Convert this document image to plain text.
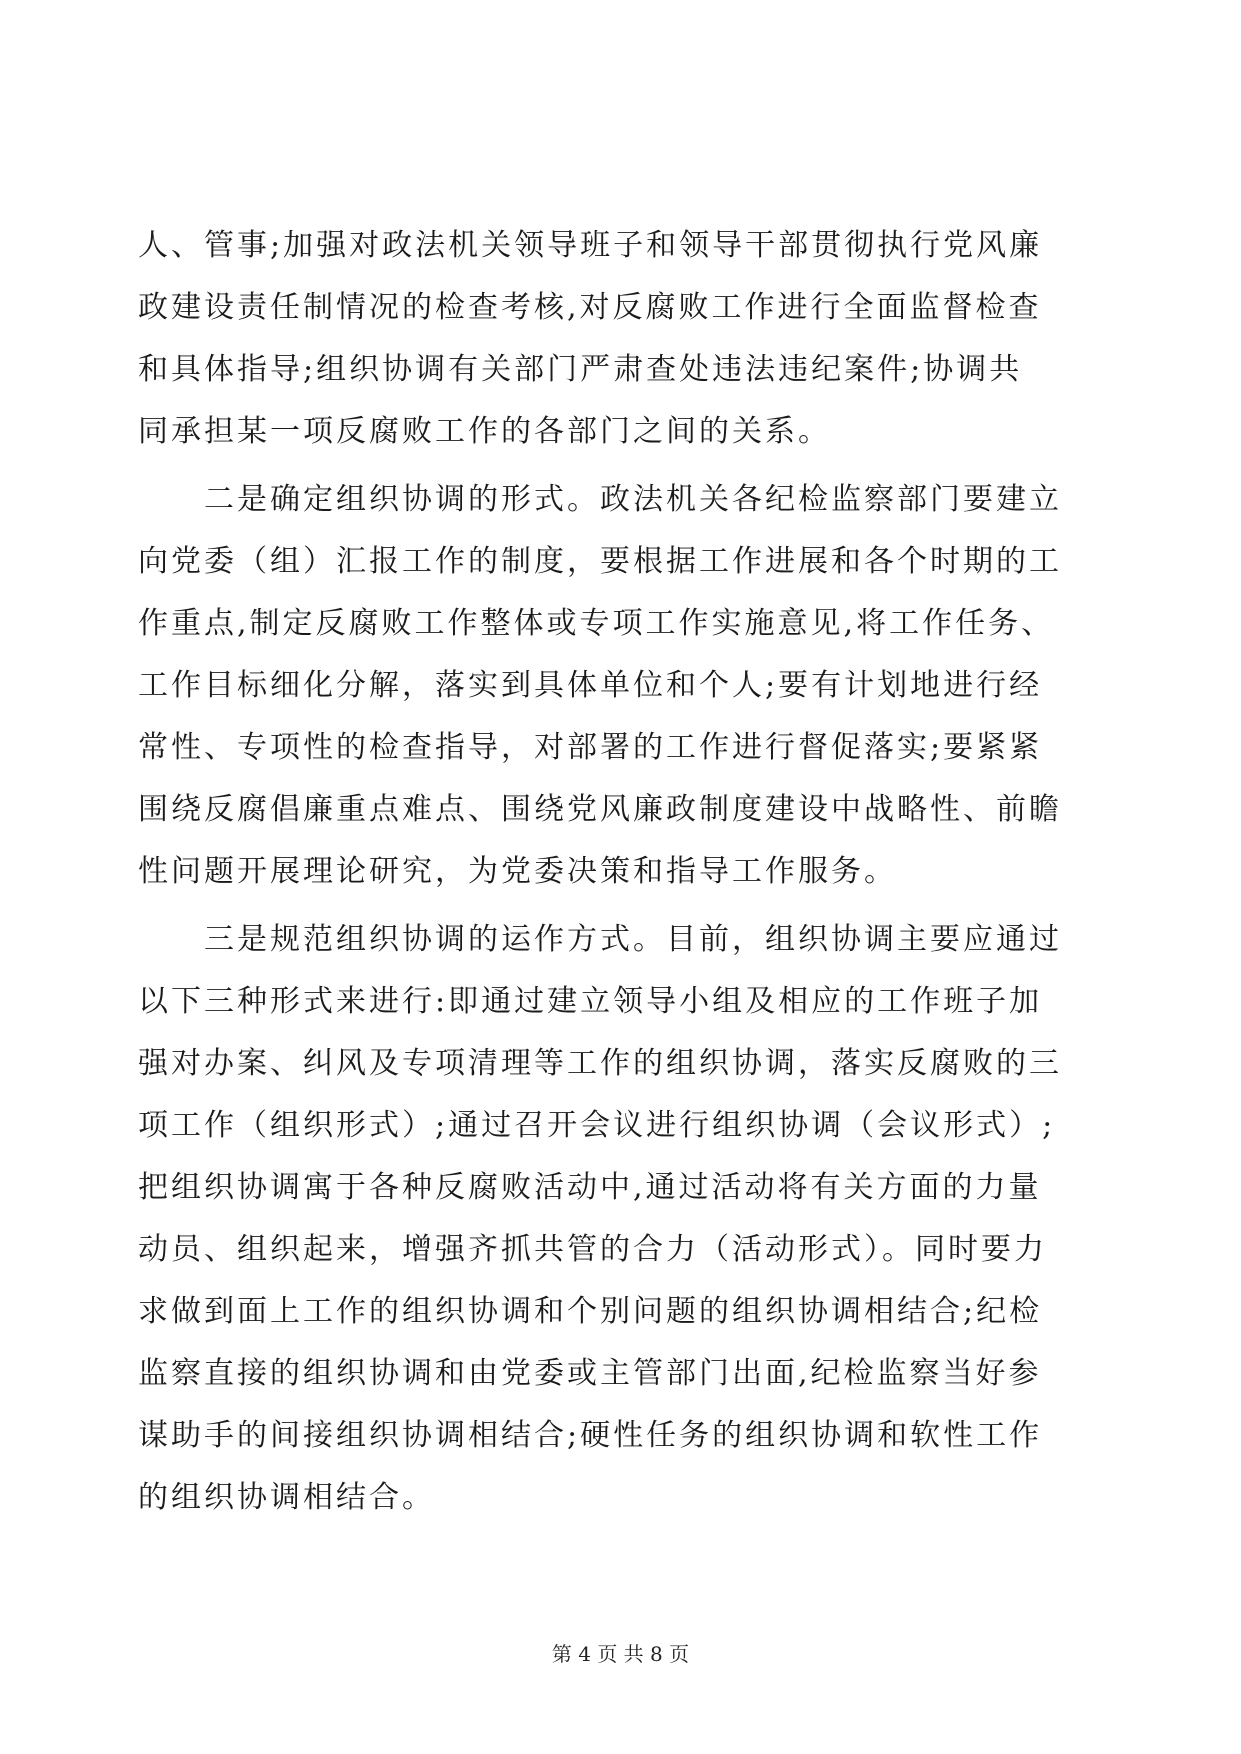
人、管事;加强对政法机关领导班子和领导干部贯彻执行党风廉
政建设责任制情况的检查考核,对反腐败工作进行全面监督检查
和具体指导;组织协调有关部门严肃查处违法违纪案件;协调共
同承担某一项反腐败工作的各部门之间的关系。
　　二是确定组织协调的形式。政法机关各纪检监察部门要建立
向党委（组）汇报工作的制度，要根据工作进展和各个时期的工
作重点,制定反腐败工作整体或专项工作实施意见,将工作任务、
工作目标细化分解，落实到具体单位和个人;要有计划地进行经
常性、专项性的检查指导，对部署的工作进行督促落实;要紧紧
围绕反腐倡廉重点难点、围绕党风廉政制度建设中战略性、前瞻
性问题开展理论研究，为党委决策和指导工作服务。
　　三是规范组织协调的运作方式。目前，组织协调主要应通过
以下三种形式来进行:即通过建立领导小组及相应的工作班子加
强对办案、纠风及专项清理等工作的组织协调，落实反腐败的三
项工作（组织形式）;通过召开会议进行组织协调（会议形式）;
把组织协调寓于各种反腐败活动中,通过活动将有关方面的力量
动员、组织起来，增强齐抓共管的合力（活动形式）。同时要力
求做到面上工作的组织协调和个别问题的组织协调相结合;纪检
监察直接的组织协调和由党委或主管部门出面,纪检监察当好参
谋助手的间接组织协调相结合;硬性任务的组织协调和软性工作
的组织协调相结合。
第 4 页 共 8 页
